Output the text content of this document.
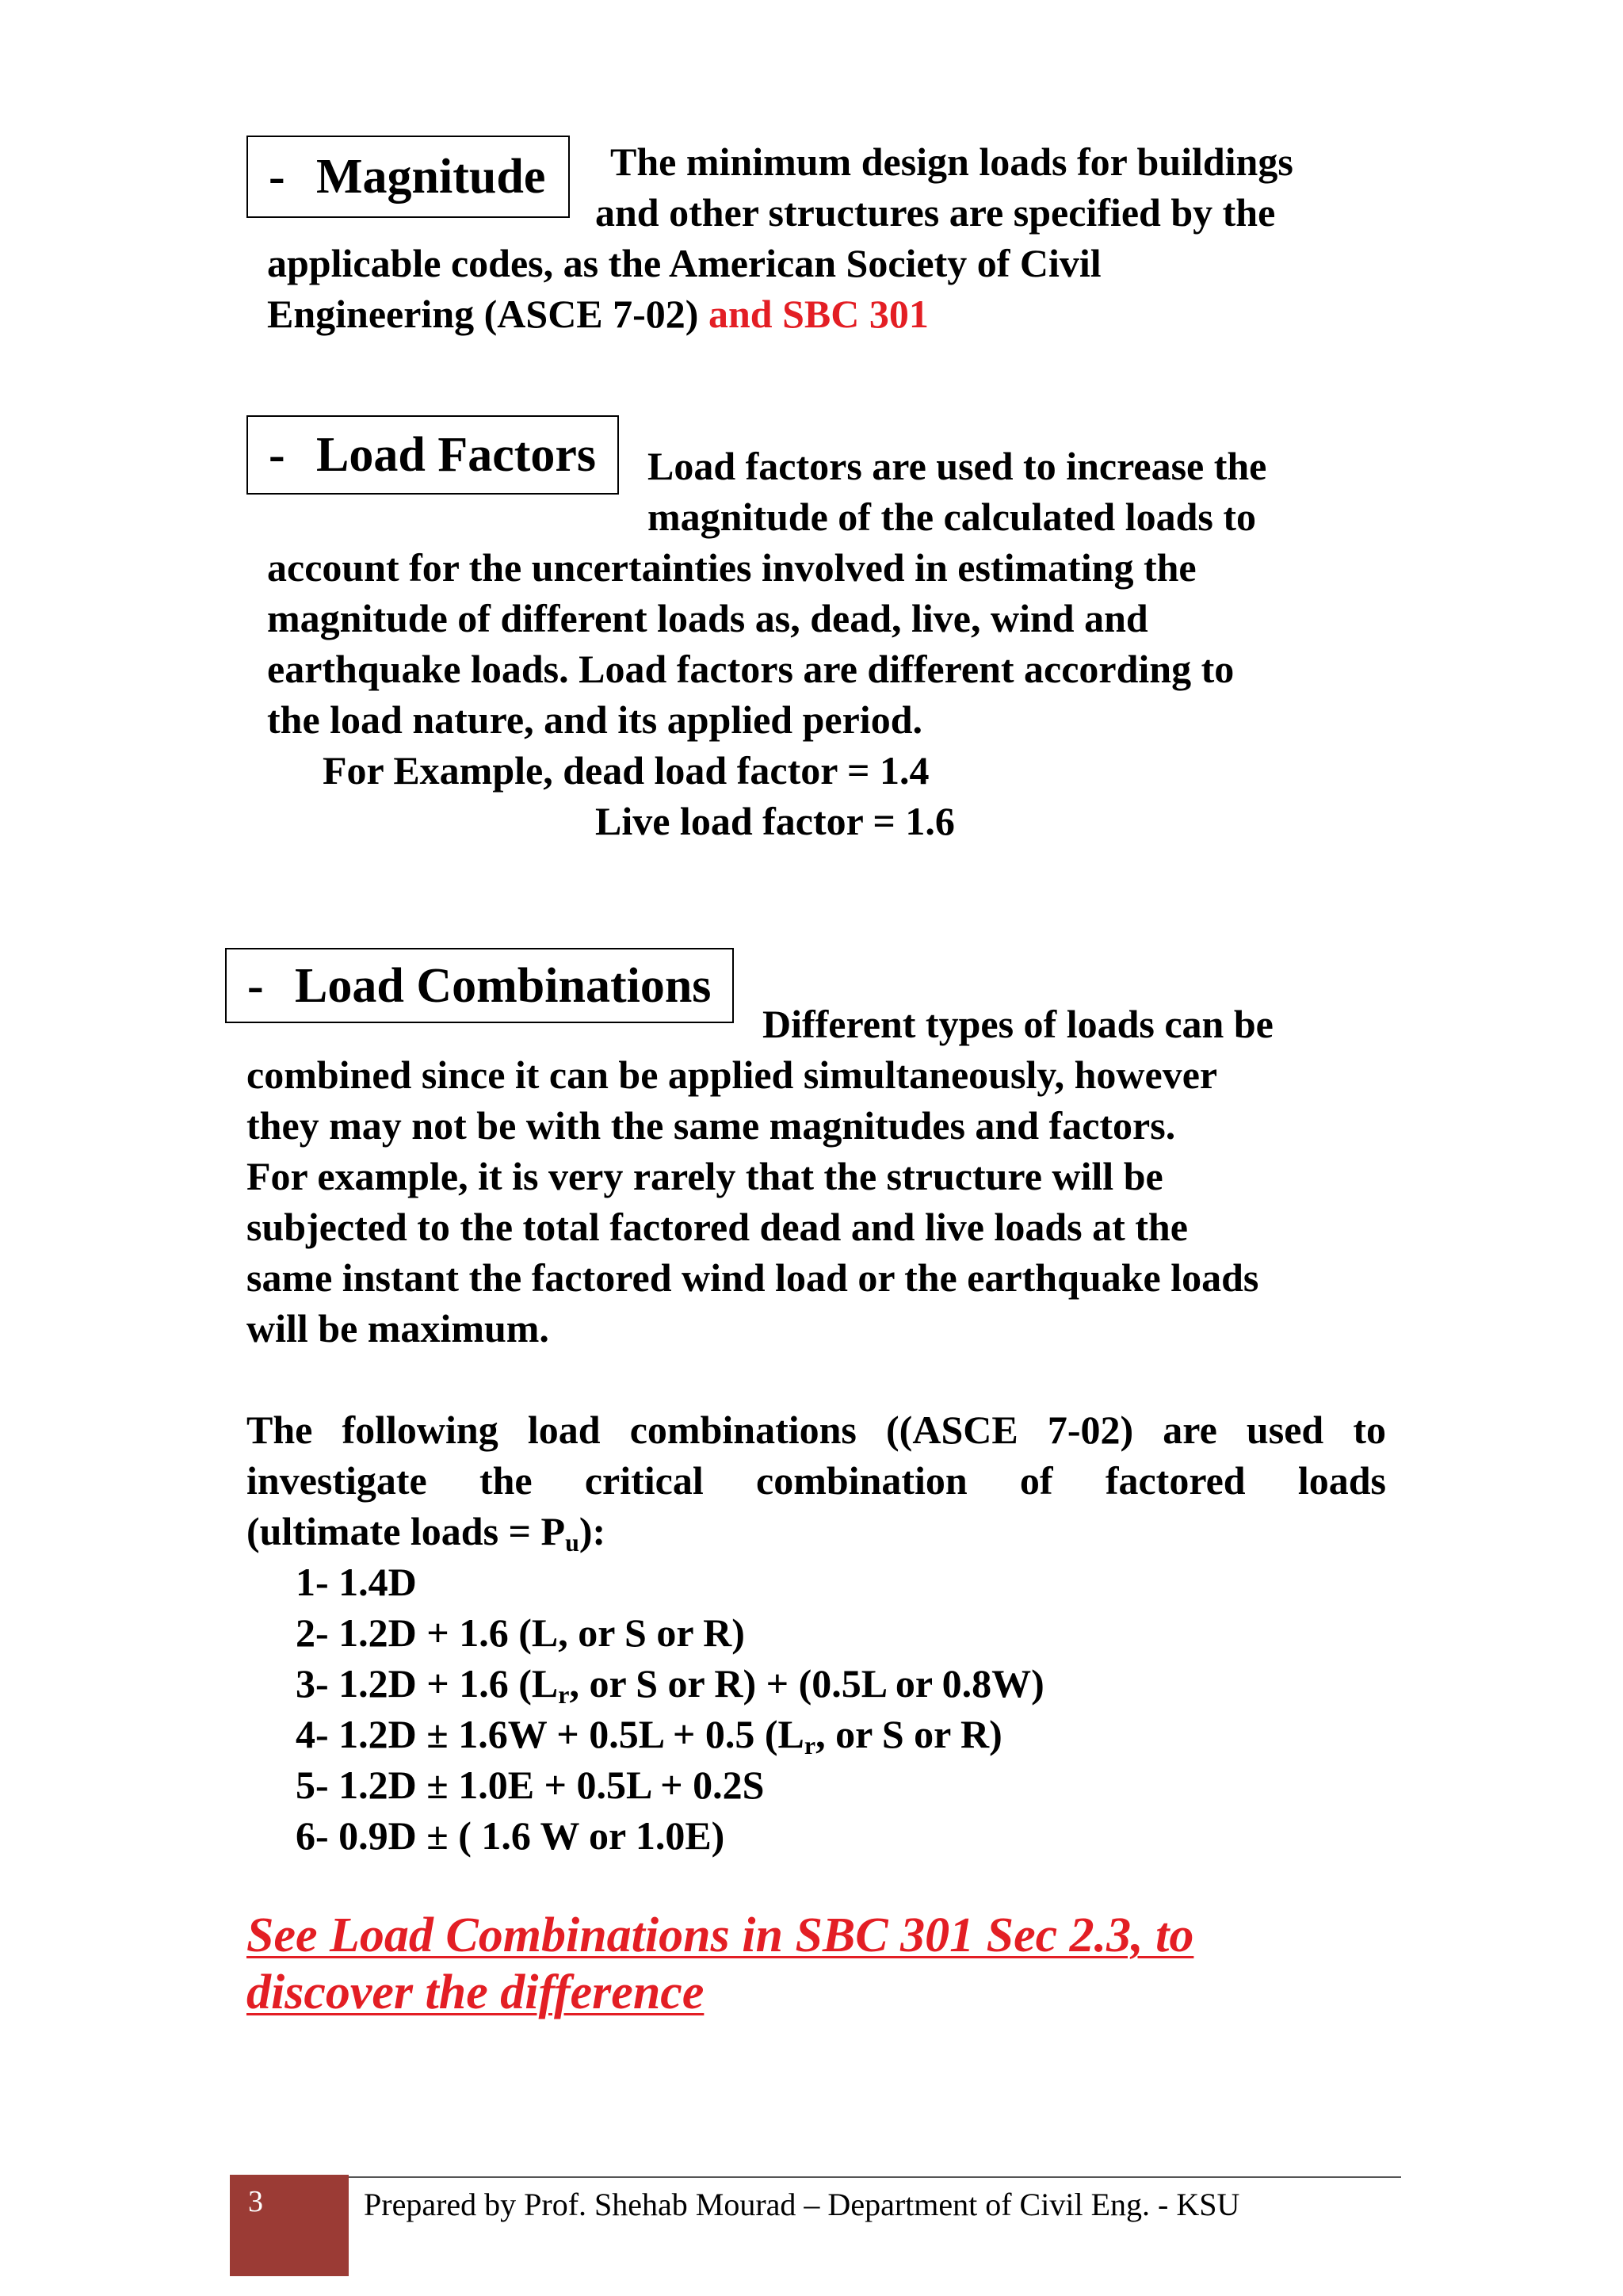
- Magnitude The minimum design loads for buildings
and other structures are specified by the
applicable codes, as the American Society of Civil
Engineering (ASCE 7-02) and SBC 301
- Load Factors Load factors are used to increase the
magnitude of the calculated loads to
account for the uncertainties involved in estimating the
magnitude of different loads as, dead, live, wind and
earthquake loads. Load factors are different according to
the load nature, and its applied period.
For Example, dead load factor = 1.4
Live load factor = 1.6
- Load Combinations
Different types of loads can be
combined since it can be applied simultaneously, however
they may not be with the same magnitudes and factors.
For example, it is very rarely that the structure will be
subjected to the total factored dead and live loads at the
same instant the factored wind load or the earthquake loads
will be maximum.
The following load combinations ((ASCE 7-02) are used to
investigate the critical combination of factored loads
(ultimate loads = $P_u$):
1- 1.4D
2- 1.2D + 1.6 (L, or S or R)
3- 1.2D + 1.6 ($L_r$, or S or R) + (0.5L or 0.8W)
4- 1.2D ± 1.6W + 0.5L + 0.5 ($L_r$, or S or R)
5- 1.2D ± 1.0E + 0.5L + 0.2S
6- 0.9D ± ( 1.6 W or 1.0E)
See Load Combinations in SBC 301 Sec 2.3, to
discover the difference
3	Prepared by Prof. Shehab Mourad – Department of Civil Eng. - KSU
